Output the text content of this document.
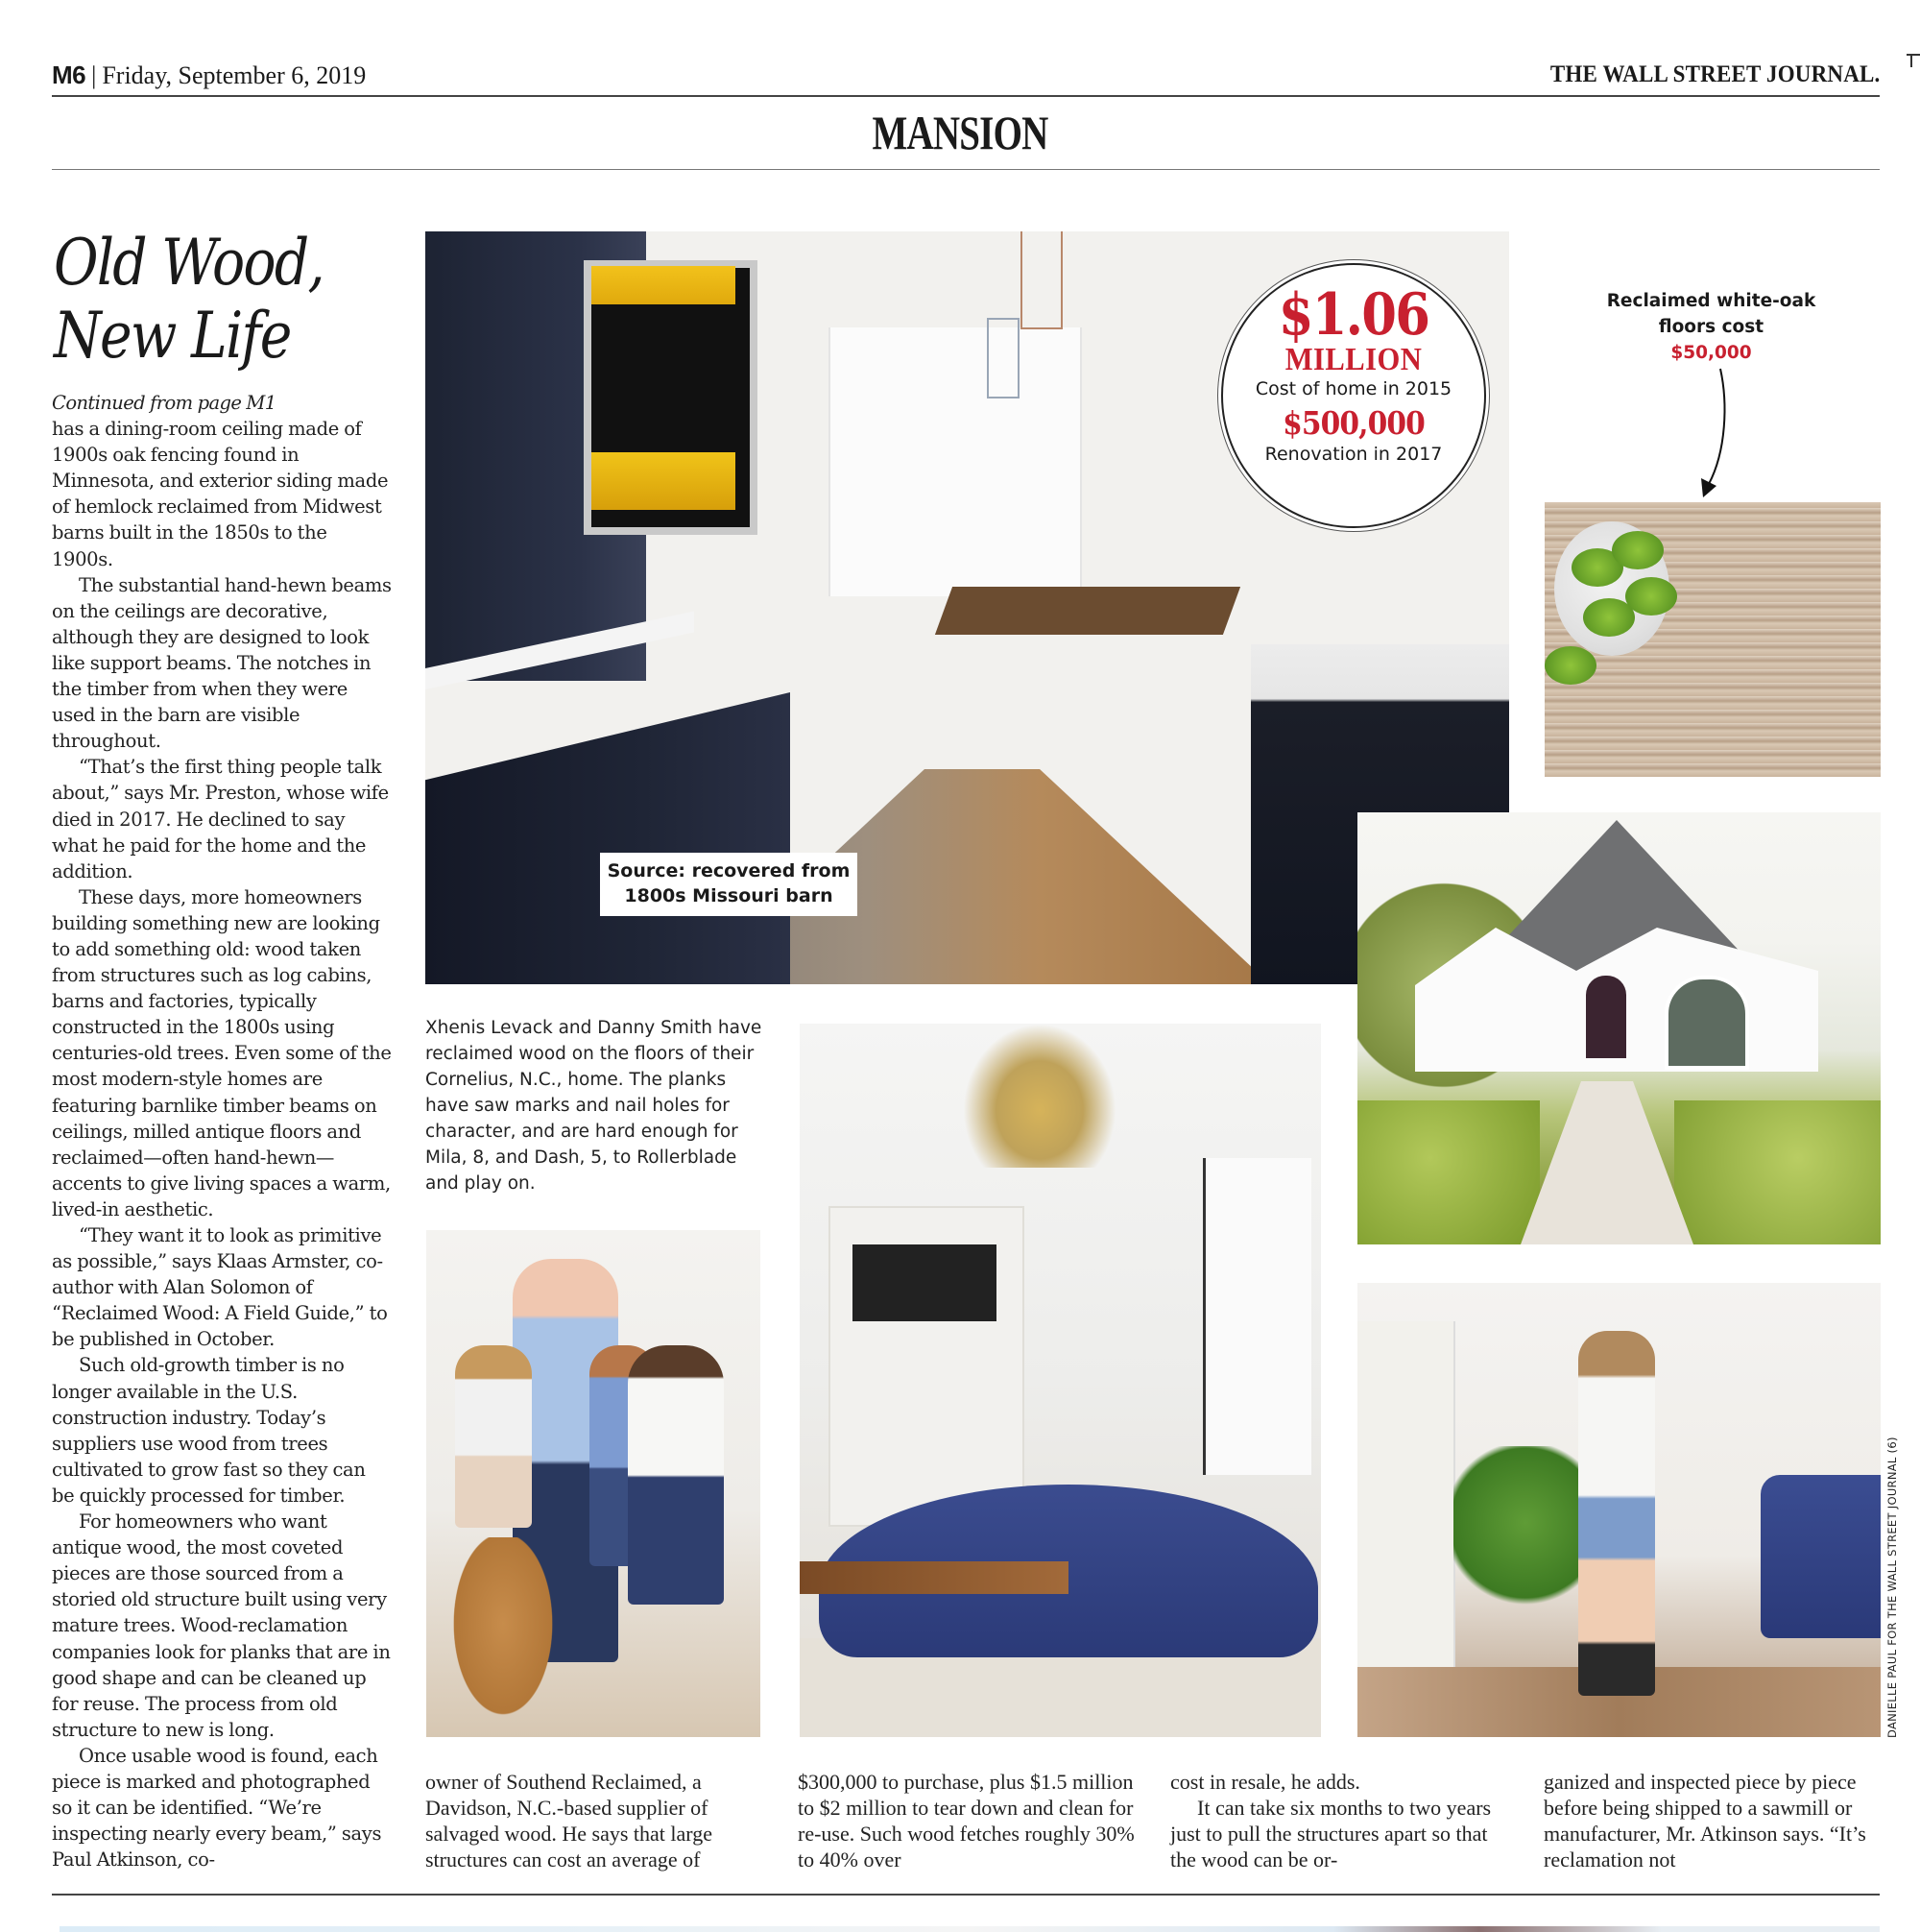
M6 | Friday, September 6, 2019	THE WALL STREET JOURNAL.
MANSION
Old Wood,
New Life
Continued from page M1

has a dining-room ceiling made of 1900s oak fencing found in Minnesota, and exterior siding made of hemlock reclaimed from Midwest barns built in the 1850s to the 1900s.

The substantial hand-hewn beams on the ceilings are decorative, although they are designed to look like support beams. The notches in the timber from when they were used in the barn are visible throughout.

“That’s the first thing people talk about,” says Mr. Preston, whose wife died in 2017. He declined to say what he paid for the home and the addition.

These days, more homeowners building something new are looking to add something old: wood taken from structures such as log cabins, barns and factories, typically constructed in the 1800s using centuries-old trees. Even some of the most modern-style homes are featuring barnlike timber beams on ceilings, milled antique floors and reclaimed—often hand-hewn—accents to give living spaces a warm, lived-in aesthetic.

“They want it to look as primitive as possible,” says Klaas Armster, co-author with Alan Solomon of “Reclaimed Wood: A Field Guide,” to be published in October.

Such old-growth timber is no longer available in the U.S. construction industry. Today’s suppliers use wood from trees cultivated to grow fast so they can be quickly processed for timber.

For homeowners who want antique wood, the most coveted pieces are those sourced from a storied old structure built using very mature trees. Wood-reclamation companies look for planks that are in good shape and can be cleaned up for reuse. The process from old structure to new is long.

Once usable wood is found, each piece is marked and photographed so it can be identified. “We’re inspecting nearly every beam,” says Paul Atkinson, co-

Source: recovered from
1800s Missouri barn
$1.06
MILLION
Cost of home in 2015
$500,000
Renovation in 2017
Reclaimed white-oak
floors cost
$50,000
Xhenis Levack and Danny Smith have reclaimed wood on the floors of their Cornelius, N.C., home. The planks have saw marks and nail holes for character, and are hard enough for Mila, 8, and Dash, 5, to Rollerblade and play on.
DANIELLE PAUL FOR THE WALL STREET JOURNAL (6)

owner of Southend Reclaimed, a Davidson, N.C.-based supplier of salvaged wood. He says that large structures can cost an average of

$300,000 to purchase, plus $1.5 million to $2 million to tear down and clean for re-use. Such wood fetches roughly 30% to 40% over

cost in resale, he adds.

It can take six months to two years just to pull the structures apart so that the wood can be or-

ganized and inspected piece by piece before being shipped to a sawmill or manufacturer, Mr. Atkinson says. “It’s reclamation not
